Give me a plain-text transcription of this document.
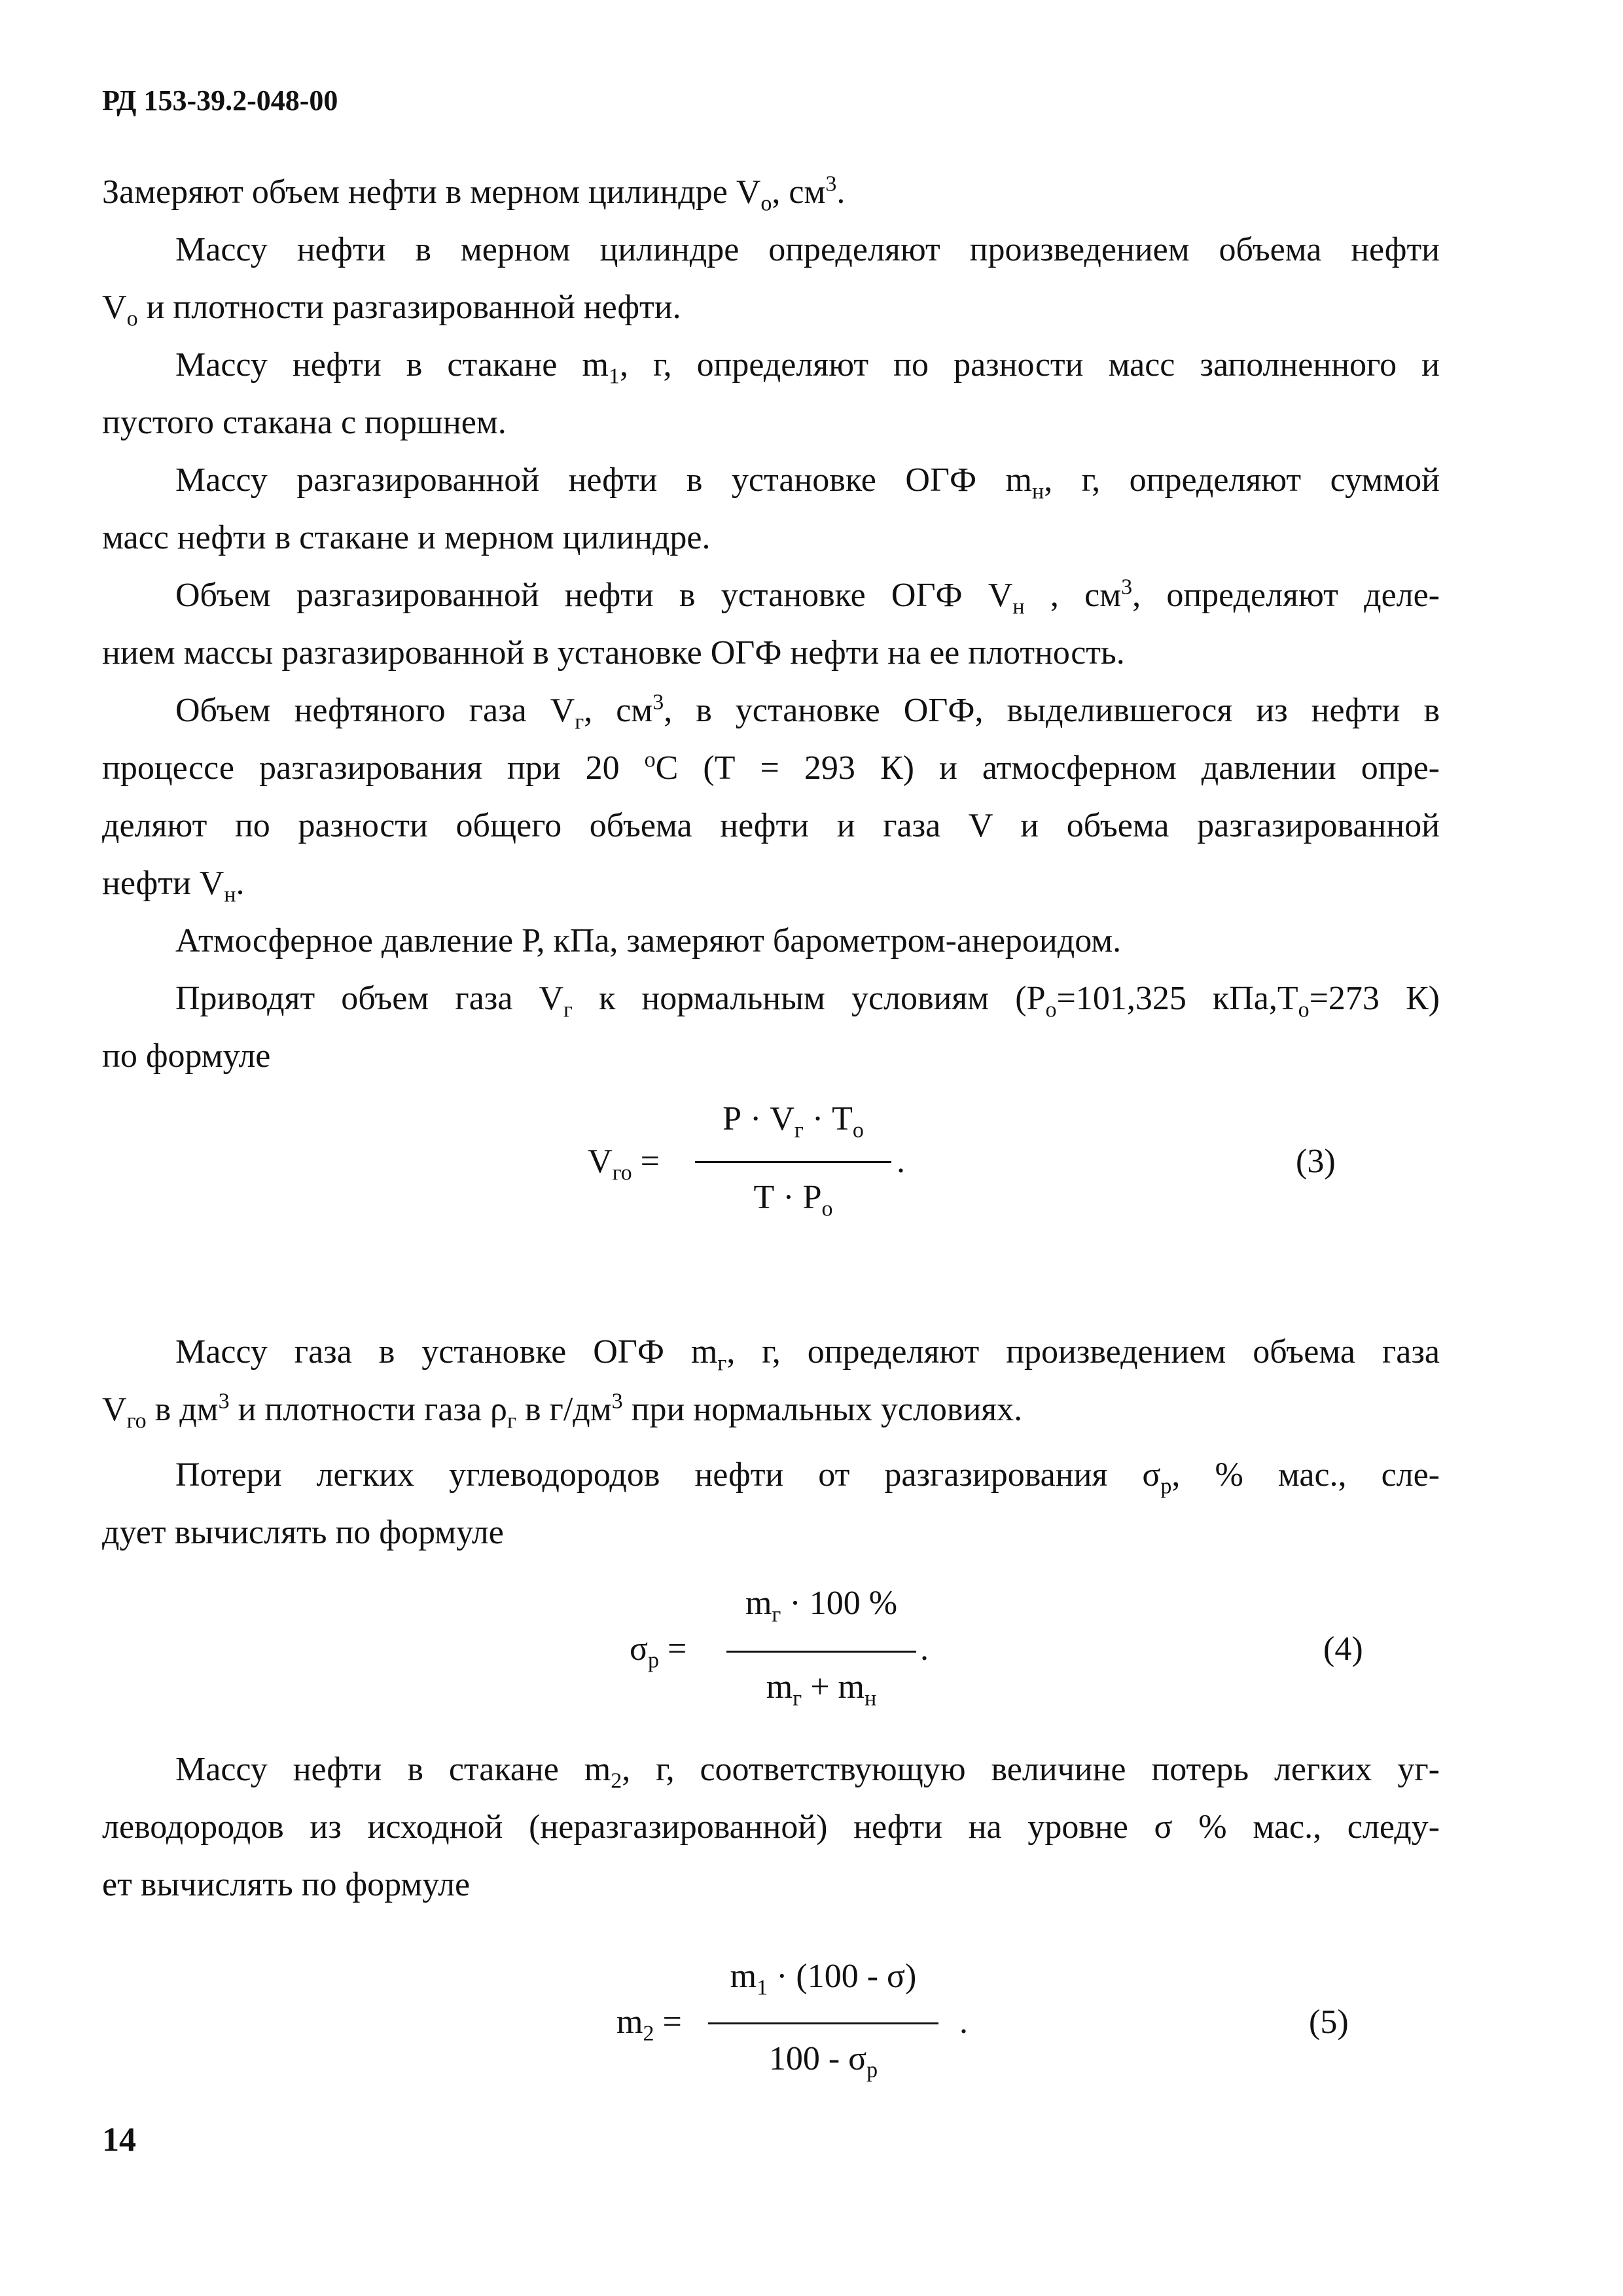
РД 153-39.2-048-00

Замеряют объем нефти в мерном цилиндре $V_о$, $см^3$.

Массу нефти в мерном цилиндре определяют произведением объема нефти
$V_о$ и плотности разгазированной нефти.

Массу нефти в стакане $m_1$, г, определяют по разности масс заполненного и
пустого стакана с поршнем.

Массу разгазированной нефти в установке ОГФ $m_н$, г, определяют суммой
масс нефти в стакане и мерном цилиндре.

Объем разгазированной нефти в установке ОГФ $V_н$ , $см^3$, определяют деле-
нием массы разгазированной в установке ОГФ нефти на ее плотность.

Объем нефтяного газа $V_г$, $см^3$, в установке ОГФ, выделившегося из нефти в
процессе разгазирования при 20 $^о$С (Т = 293 К) и атмосферном давлении опре-
деляют по разности общего объема нефти и газа V и объема разгазированной
нефти $V_н$.

Атмосферное давление Р, кПа, замеряют барометром-анероидом.

Приводят объем газа $V_г$ к нормальным условиям ($Р_о=101,325$ $кПа,Т_о=273$ К)
по формуле

$V_{го}$ =
$Р \cdot V_г \cdot Т_о$
$Т \cdot Р_о$
.	(3)

Массу газа в установке ОГФ $m_г$, г, определяют произведением объема газа
$V_{го}$ в $дм^3$ и плотности газа $\rho_г$ в $г/дм^3$ при нормальных условиях.

Потери легких углеводородов нефти от разгазирования $\sigma_р$, % мас., сле-
дует вычислять по формуле

$\sigma_р$ =
$m_г \cdot 100$ %
$m_г + m_н$
.	(4)

Массу нефти в стакане $m_2$, г, соответствующую величине потерь легких уг-
леводородов из исходной (неразгазированной) нефти на уровне σ % мас., следу-
ет вычислять по формуле

$m_2$ =
$m_1 \cdot (100 - \sigma)$
$100 - \sigma_р$
.	(5)
14
